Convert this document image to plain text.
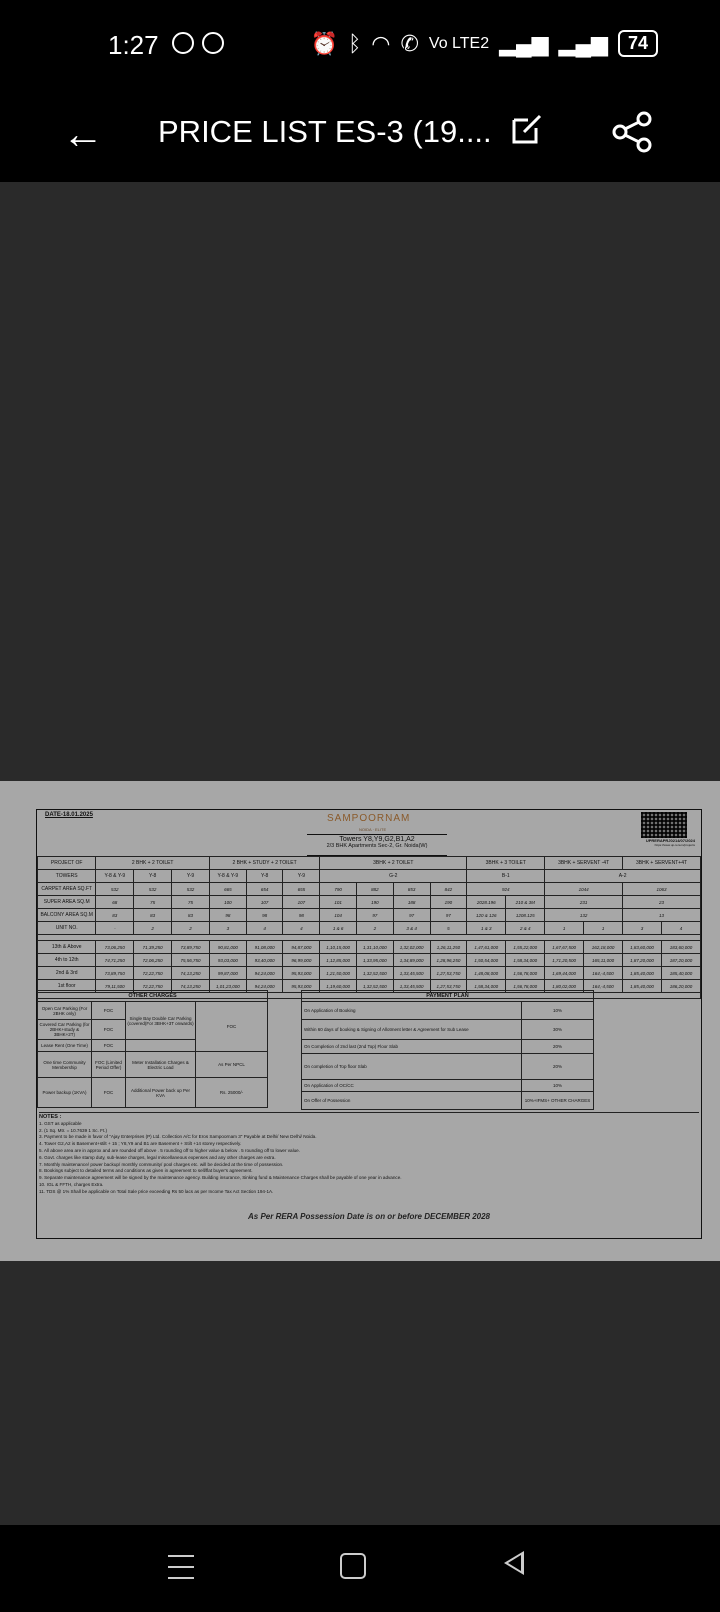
1:27	⏰ ᛒ ◠ ✆ Vo LTE2 ▂▄▆ ▂▄▆	74
← PRICE LIST ES-3 (19....
DATE-18.01.2025	SAMPOORNAM
NOIDA · ELITE
UPRERAPRJ0214/07/2024
https://www.up-rera.in/projects
Towers Y8,Y9,G2,B1,A2
2/3 BHK Apartments Sec-2, Gr. Noida(W)
PROJECT OF	2 BHK + 2 TOILET			2 BHK + STUDY + 2 TOILET			3BHK + 2 TOILET				3BHK + 3 TOILET		3BHK + SERVENT -4T		3BHK + SERVENT+4T	
TOWERS	Y-8 & Y-9	Y-8	Y-9	Y-8 & Y-9	Y-8	Y-9	G-2				B-1		A-2			
CARPET AREA SQ.FT	532	532	532	665	654	655	790	882	853	842	924		1044		1063	
SUPER AREA SQ.M	68	75	75	100	107	107	101	190	188	190	2028.196	210 & 3M	231		23	
BALCONY AREA SQ.M	83	83	83	98	98	98	104	97	97	97	120 & 126	1208.125	132		13	
UNIT NO.	-	2	2	3	4	4	1 & 6	2	3 & 4	5	1 & 3	2 & 4	1	1	3	4

13th & Above	73,06,250	71,39,250	73,89,750	90,81,000	91,08,000	94,87,000	1,10,15,000	1,31,10,000	1,32,02,000	1,26,11,250	1,47,61,000	1,55,22,000	1,67,67,500	162,18,000	1,83,60,000	183,60,000
4th to 12th	74,71,250	72,06,250	75,56,750	93,03,000	93,40,000	96,99,000	1,12,85,000	1,33,95,000	1,34,89,000	1,28,96,250	1,50,54,000	1,58,34,000	1,71,20,500	165,11,000	1,87,20,000	187,20,000
2nd & 3rd	73,89,750	72,22,750	74,13,250	99,87,000	94,24,000	95,93,000	1,21,50,000	1,32,52,500	1,33,45,500	1,27,53,750	1,48,08,000	1,56,78,000	1,69,44,000	164,-4,500	1,85,40,000	185,40,000
1st floor	79,11,500	72,22,750	74,13,250	1,01,23,000	94,24,000	95,93,000	1,19,60,000	1,32,52,500	1,33,45,500	1,27,53,750	1,58,34,000	1,56,78,000	1,80,02,000	164,-4,500	1,85,40,000	186,20,000

OTHER CHARGES			
Open Car Parking (For 2BHK only)	FOC	Single Bay Double Car Parking (covered(For 3BHK+3T onwards)	FOC
Covered Car Parking (for 2BHK+study & 3BHK+2T)	FOC		
Lease Rent (One Time)	FOC		
One time Community Membership	FOC (Limited Period Offer)	Meter Installation Charges & Electric Load	As Per NPCL
Power backup (1KVA)	FOC	Additional Power back up Per KVA	Rs. 25000/-
PAYMENT PLAN	
On Application of Booking	10%
Within 60 days of booking & Signing of Allotment letter & Agreement for Sub Lease	30%
On Completion of 2nd last (2nd Top) Floor Slab	20%
On completion of Top floor Slab	20%
On Application of OC/CC	10%
On Offer of Possession	10%+IFMS+ OTHER CHARGES
NOTES :
1. GST as applicable
2. (1 Sq. Mtr. = 10.7639 1 Sc. Ft.)
3. Payment to be made in favor of "Ajay Enterprises (P) Ltd. Collection A/C for Eros Sampoornam 3" Payable at Delhi/ New Delhi/ Noida.
4. Tower G2,A2 is Basement+stilt + 15 ; Y8,Y9 and B1 are Basement + Stilt +14 storey respectively.
5. All above area are in approx and are rounded off above . 5 rounding off to higher value & below . 5 rounding off to lower value.
6. Govt. charges like stamp duty, sub-lease charges, legal miscellaneous expenses and any other charges are extra.
7. Monthly maintenance/ power backup/ monthly community/ pool charges etc. will be decided at the time of possession.
8. Bookings subject to detailed terms and conditions as given in agreement to sell/flat buyer's agreement.
9. Separate maintenance agreement will be signed by the maintenance agency. Building insurance, Sinking fund & Maintenance Charges shall be payable of one year in advance.
10. IGL & FFTH, charges Extra.
11. TDS @ 1% Shall be applicable on Total Sale price exceeding Rs 50 lacs as per Income Tax Act Section 194-1A.
As Per RERA Possession Date is on or before DECEMBER 2028
